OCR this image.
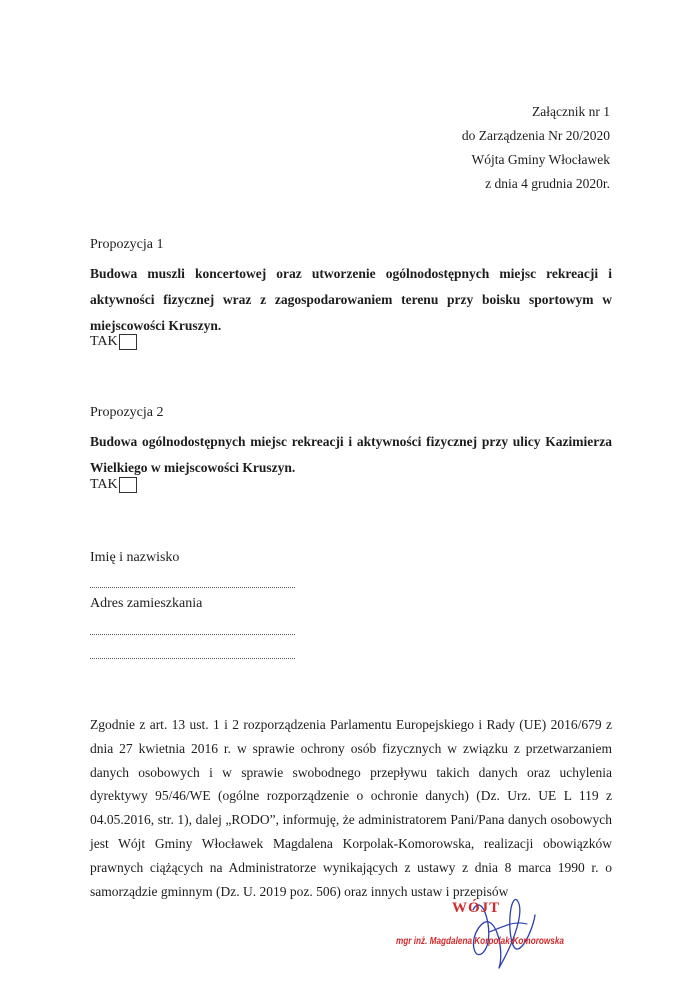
Załącznik nr 1
do Zarządzenia Nr 20/2020
Wójta Gminy Włocławek
z dnia 4 grudnia 2020r.
Propozycja 1
Budowa muszli koncertowej oraz utworzenie ogólnodostępnych miejsc rekreacji i aktywności fizycznej wraz z zagospodarowaniem terenu przy boisku sportowym w miejscowości Kruszyn.
TAK
Propozycja 2
Budowa ogólnodostępnych miejsc rekreacji i aktywności fizycznej przy ulicy Kazimierza Wielkiego w miejscowości Kruszyn.
TAK
Imię i nazwisko
Adres zamieszkania
Zgodnie z art. 13 ust. 1 i 2 rozporządzenia Parlamentu Europejskiego i Rady (UE) 2016/679 z dnia 27 kwietnia 2016 r. w sprawie ochrony osób fizycznych w związku z przetwarzaniem danych osobowych i w sprawie swobodnego przepływu takich danych oraz uchylenia dyrektywy 95/46/WE (ogólne rozporządzenie o ochronie danych) (Dz. Urz. UE L 119 z 04.05.2016, str. 1), dalej „RODO”, informuję, że administratorem Pani/Pana danych osobowych jest Wójt Gminy Włocławek Magdalena Korpolak-Komorowska, realizacji obowiązków prawnych ciążących na Administratorze wynikających z ustawy z dnia 8 marca 1990 r. o samorządzie gminnym (Dz. U. 2019 poz. 506) oraz innych ustaw i przepisów
WÓJT
mgr inż. Magdalena Korpolak-Komorowska
